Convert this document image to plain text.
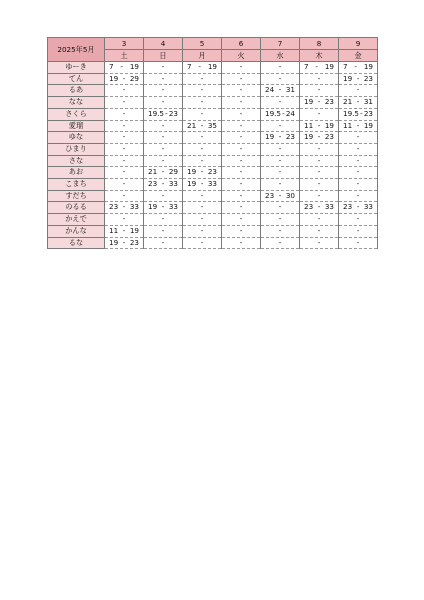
2025年5月	3	4	5	6	7	8	9
	土	日	月	火	水	木	金
ゆーき	7 - 19	-	7 - 19	-	-	7 - 19	7 - 19

てん	19 - 29	-	-	-	-	-	19 - 23

るあ	-	-	-	-	24 - 31	-	-
なな	-	-	-	-	-	19 - 23	21 - 31

さくら	-	19.5 - 23	-	-	19.5 - 24	-	19.5 - 23

愛瑠	-	-	21 - 35	-	-	11 - 19	11 - 19

ゆな	-	-	-	-	19 - 23	19 - 23	-
ひまり	-	-	-	-	-	-	-
さな	-	-	-	-	-	-	-
あお	-	21 - 29	19 - 23	-	-	-	-
こまち	-	23 - 33	19 - 33	-	-	-	-
すだち	-	-	-	-	23 - 30	-	-
のるる	23 - 33	19 - 33	-	-	-	23 - 33	23 - 33

かえで	-	-	-	-	-	-	-
かんな	11 - 19	-	-	-	-	-	-
るな	19 - 23	-	-	-	-	-	-
